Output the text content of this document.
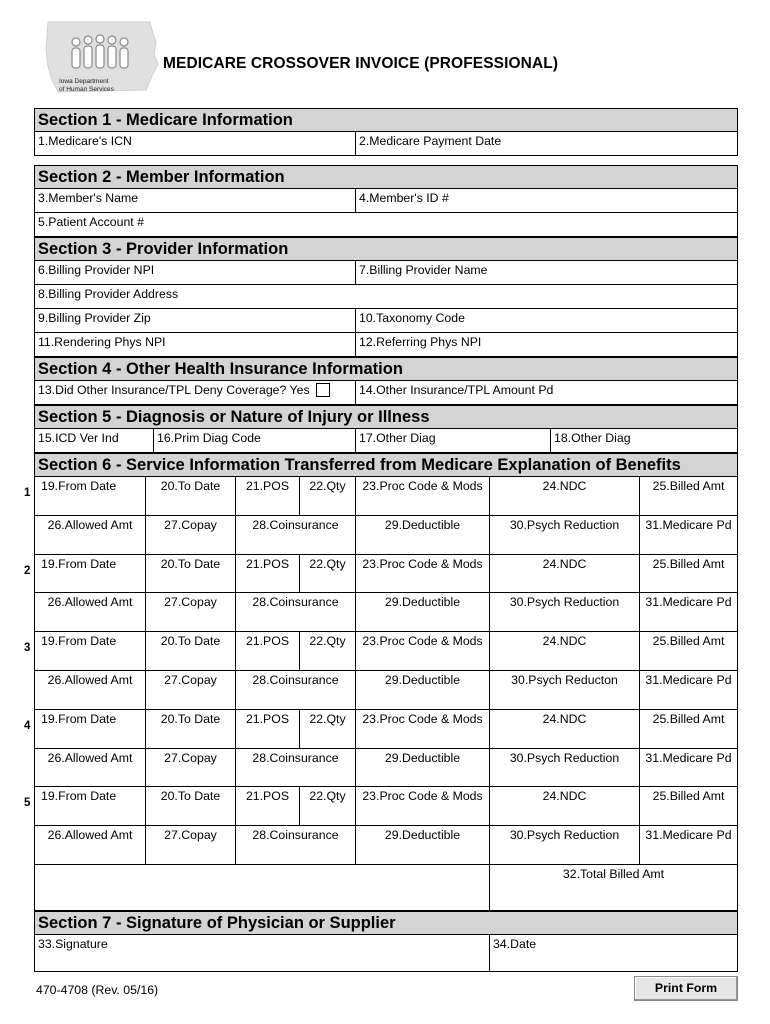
Iowa Department
of Human Services
MEDICARE CROSSOVER INVOICE (PROFESSIONAL)
Section 1 - Medicare Information
1.Medicare's ICN	2.Medicare Payment Date
Section 2 - Member Information
3.Member's Name	4.Member's ID #
5.Patient Account #
Section 3 - Provider Information
6.Billing Provider NPI	7.Billing Provider Name
8.Billing Provider Address
9.Billing Provider Zip	10.Taxonomy Code
11.Rendering Phys NPI	12.Referring Phys NPI
Section 4 - Other Health Insurance Information
13.Did Other Insurance/TPL Deny Coverage? Yes	14.Other Insurance/TPL Amount Pd
Section 5 - Diagnosis or Nature of Injury or Illness
15.ICD Ver Ind	16.Prim Diag Code	17.Other Diag	18.Other Diag
Section 6 - Service Information Transferred from Medicare Explanation of Benefits
1 19.From Date	20.To Date	21.POS	22.Qty	23.Proc Code & Mods	24.NDC	25.Billed Amt
26.Allowed Amt	27.Copay	28.Coinsurance	29.Deductible	30.Psych Reduction	31.Medicare Pd
2 19.From Date	20.To Date	21.POS	22.Qty	23.Proc Code & Mods	24.NDC	25.Billed Amt
26.Allowed Amt	27.Copay	28.Coinsurance	29.Deductible	30.Psych Reduction	31.Medicare Pd
3 19.From Date	20.To Date	21.POS	22.Qty	23.Proc Code & Mods	24.NDC	25.Billed Amt
26.Allowed Amt	27.Copay	28.Coinsurance	29.Deductible	30.Psych Reducton	31.Medicare Pd
4 19.From Date	20.To Date	21.POS	22.Qty	23.Proc Code & Mods	24.NDC	25.Billed Amt
26.Allowed Amt	27.Copay	28.Coinsurance	29.Deductible	30.Psych Reduction	31.Medicare Pd
5 19.From Date	20.To Date	21.POS	22.Qty	23.Proc Code & Mods	24.NDC	25.Billed Amt
26.Allowed Amt	27.Copay	28.Coinsurance	29.Deductible	30.Psych Reduction	31.Medicare Pd
32.Total Billed Amt
Section 7 - Signature of Physician or Supplier
33.Signature	34.Date
470-4708 (Rev. 05/16)	Print Form
